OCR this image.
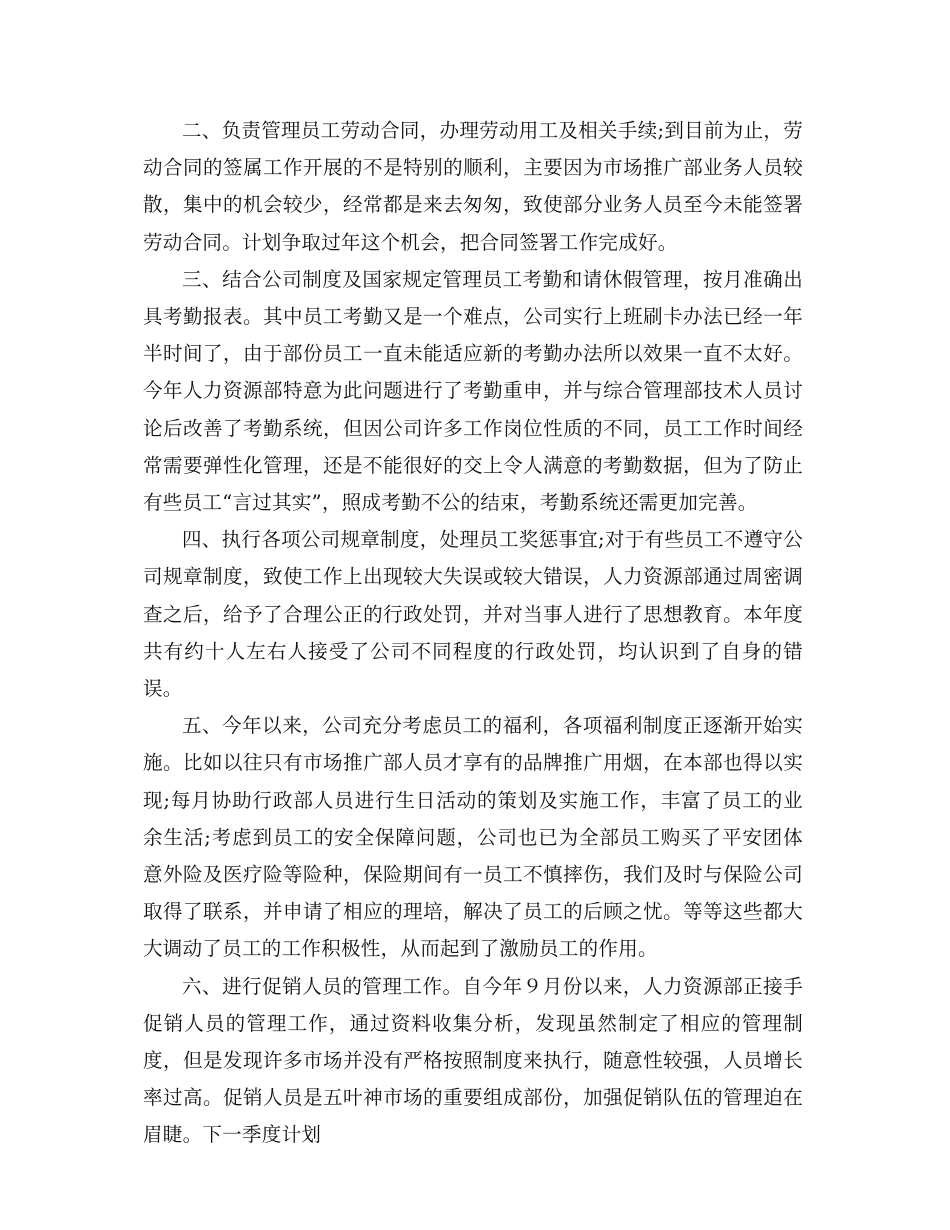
二、负责管理员工劳动合同，办理劳动用工及相关手续;到目前为止，劳动合同的签属工作开展的不是特别的顺利，主要因为市场推广部业务人员较散，集中的机会较少，经常都是来去匆匆，致使部分业务人员至今未能签署劳动合同。计划争取过年这个机会，把合同签署工作完成好。

三、结合公司制度及国家规定管理员工考勤和请休假管理，按月准确出具考勤报表。其中员工考勤又是一个难点，公司实行上班刷卡办法已经一年半时间了，由于部份员工一直未能适应新的考勤办法所以效果一直不太好。今年人力资源部特意为此问题进行了考勤重申，并与综合管理部技术人员讨论后改善了考勤系统，但因公司许多工作岗位性质的不同，员工工作时间经常需要弹性化管理，还是不能很好的交上令人满意的考勤数据，但为了防止有些员工“言过其实”，照成考勤不公的结束，考勤系统还需更加完善。

四、执行各项公司规章制度，处理员工奖惩事宜;对于有些员工不遵守公司规章制度，致使工作上出现较大失误或较大错误，人力资源部通过周密调查之后，给予了合理公正的行政处罚，并对当事人进行了思想教育。本年度共有约十人左右人接受了公司不同程度的行政处罚，均认识到了自身的错误。

五、今年以来，公司充分考虑员工的福利，各项福利制度正逐渐开始实施。比如以往只有市场推广部人员才享有的品牌推广用烟，在本部也得以实现;每月协助行政部人员进行生日活动的策划及实施工作，丰富了员工的业余生活;考虑到员工的安全保障问题，公司也已为全部员工购买了平安团体意外险及医疗险等险种，保险期间有一员工不慎摔伤，我们及时与保险公司取得了联系，并申请了相应的理培，解决了员工的后顾之忧。等等这些都大大调动了员工的工作积极性，从而起到了激励员工的作用。

六、进行促销人员的管理工作。自今年９月份以来，人力资源部正接手促销人员的管理工作，通过资料收集分析，发现虽然制定了相应的管理制度，但是发现许多市场并没有严格按照制度来执行，随意性较强，人员增长率过高。促销人员是五叶神市场的重要组成部份，加强促销队伍的管理迫在眉睫。下一季度计划
